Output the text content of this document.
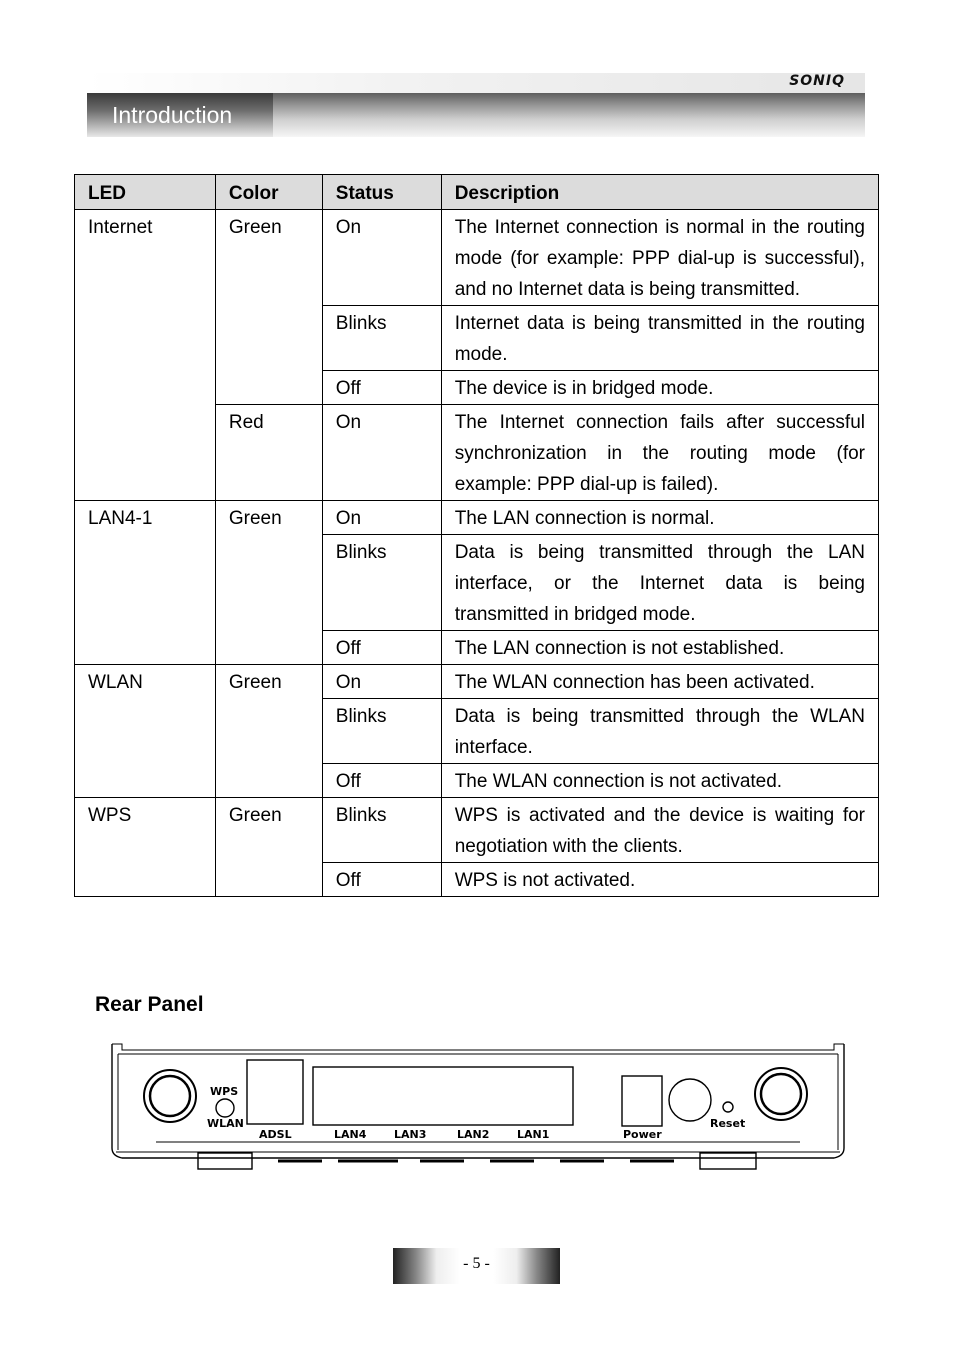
SONIQ
Introduction
LED	Color	Status	Description
Internet	Green	On	The Internet connection is normal in the routing mode (for example: PPP dial-up is successful), and no Internet data is being transmitted.
		Blinks	Internet data is being transmitted in the routing mode.
		Off	The device is in bridged mode.
	Red	On	The Internet connection fails after successful synchronization in the routing mode (for example: PPP dial-up is failed).
LAN4-1	Green	On	The LAN connection is normal.
		Blinks	Data is being transmitted through the LAN interface, or the Internet data is being transmitted in bridged mode.
		Off	The LAN connection is not established.
WLAN	Green	On	The WLAN connection has been activated.
		Blinks	Data is being transmitted through the WLAN interface.
		Off	The WLAN connection is not activated.
WPS	Green	Blinks	WPS is activated and the device is waiting for negotiation with the clients.
		Off	WPS is not activated.
Rear Panel
WPS
WLAN
ADSL	LAN4	LAN3	LAN2	LAN1	Power
Reset
- 5 -
